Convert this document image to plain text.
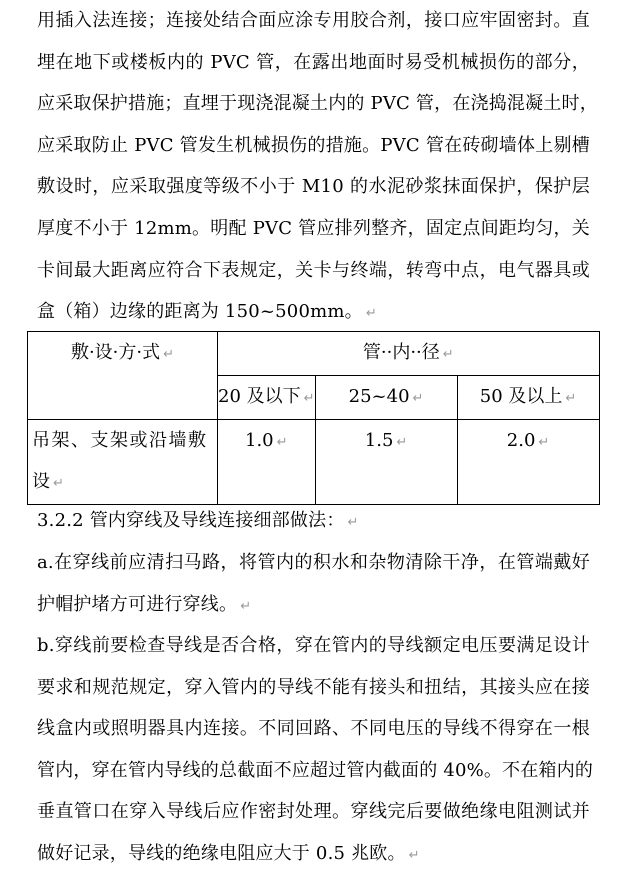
用插入法连接；连接处结合面应涂专用胶合剂，接口应牢固密封。直
埋在地下或楼板内的 PVC 管，在露出地面时易受机械损伤的部分，
应采取保护措施；直埋于现浇混凝土内的 PVC 管，在浇捣混凝土时，
应采取防止 PVC 管发生机械损伤的措施。PVC 管在砖砌墙体上剔槽
敷设时，应采取强度等级不小于 M10 的水泥砂浆抹面保护，保护层
厚度不小于 12mm。明配 PVC 管应排列整齐，固定点间距均匀，关
卡间最大距离应符合下表规定，关卡与终端，转弯中点，电气器具或
盒（箱）边缘的距离为 150~500mm。 ↵
敷·设·方·式 ↵	管··内··径 ↵		

	20 及以下 ↵	25~40 ↵	50 及以上 ↵

吊架、支架或沿墙敷
设 ↵	1.0 ↵	1.5 ↵	2.0 ↵
3.2.2 管内穿线及导线连接细部做法： ↵
a.在穿线前应清扫马路，将管内的积水和杂物清除干净，在管端戴好
护帽护堵方可进行穿线。 ↵
b.穿线前要检查导线是否合格，穿在管内的导线额定电压要满足设计
要求和规范规定，穿入管内的导线不能有接头和扭结，其接头应在接
线盒内或照明器具内连接。不同回路、不同电压的导线不得穿在一根
管内，穿在管内导线的总截面不应超过管内截面的 40%。不在箱内的
垂直管口在穿入导线后应作密封处理。穿线完后要做绝缘电阻测试并
做好记录，导线的绝缘电阻应大于 0.5 兆欧。 ↵
